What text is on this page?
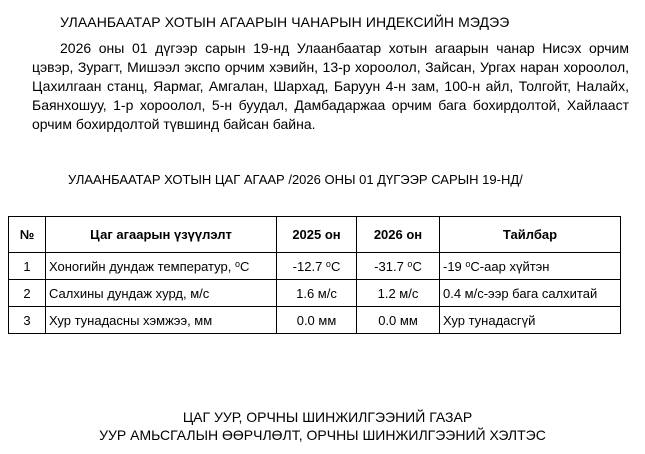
УЛААНБААТАР ХОТЫН АГААРЫН ЧАНАРЫН ИНДЕКСИЙН МЭДЭЭ

2026 оны 01 дүгээр сарын 19-нд Улаанбаатар хотын агаарын чанар Нисэх орчим цэвэр, Зурагт, Мишээл экспо орчим хэвийн, 13-р хороолол, Зайсан, Ургах наран хороолол, Цахилгаан станц, Яармаг, Амгалан, Шархад, Баруун 4-н зам, 100-н айл, Толгойт, Налайх, Баянхошуу, 1-р хороолол, 5-н буудал, Дамбадаржаа орчим бага бохирдолтой, Хайлааст орчим бохирдолтой түвшинд байсан байна.

УЛААНБААТАР ХОТЫН ЦАГ АГААР /2026 ОНЫ 01 ДҮГЭЭР САРЫН 19-НД/
№	Цаг агаарын үзүүлэлт	2025 он	2026 он	Тайлбар
1	Хоногийн дундаж температур, $^о$С	-12.7 $^о$С	-31.7 $^о$С	-19 $^о$С-аар хүйтэн
2	Салхины дундаж хурд, м/с	1.6 м/с	1.2 м/с	0.4 м/с-ээр бага салхитай
3	Хур тунадасны хэмжээ, мм	0.0 мм	0.0 мм	Хур тунадасгүй
ЦАГ УУР, ОРЧНЫ ШИНЖИЛГЭЭНИЙ ГАЗАР
УУР АМЬСГАЛЫН ӨӨРЧЛӨЛТ, ОРЧНЫ ШИНЖИЛГЭЭНИЙ ХЭЛТЭС
